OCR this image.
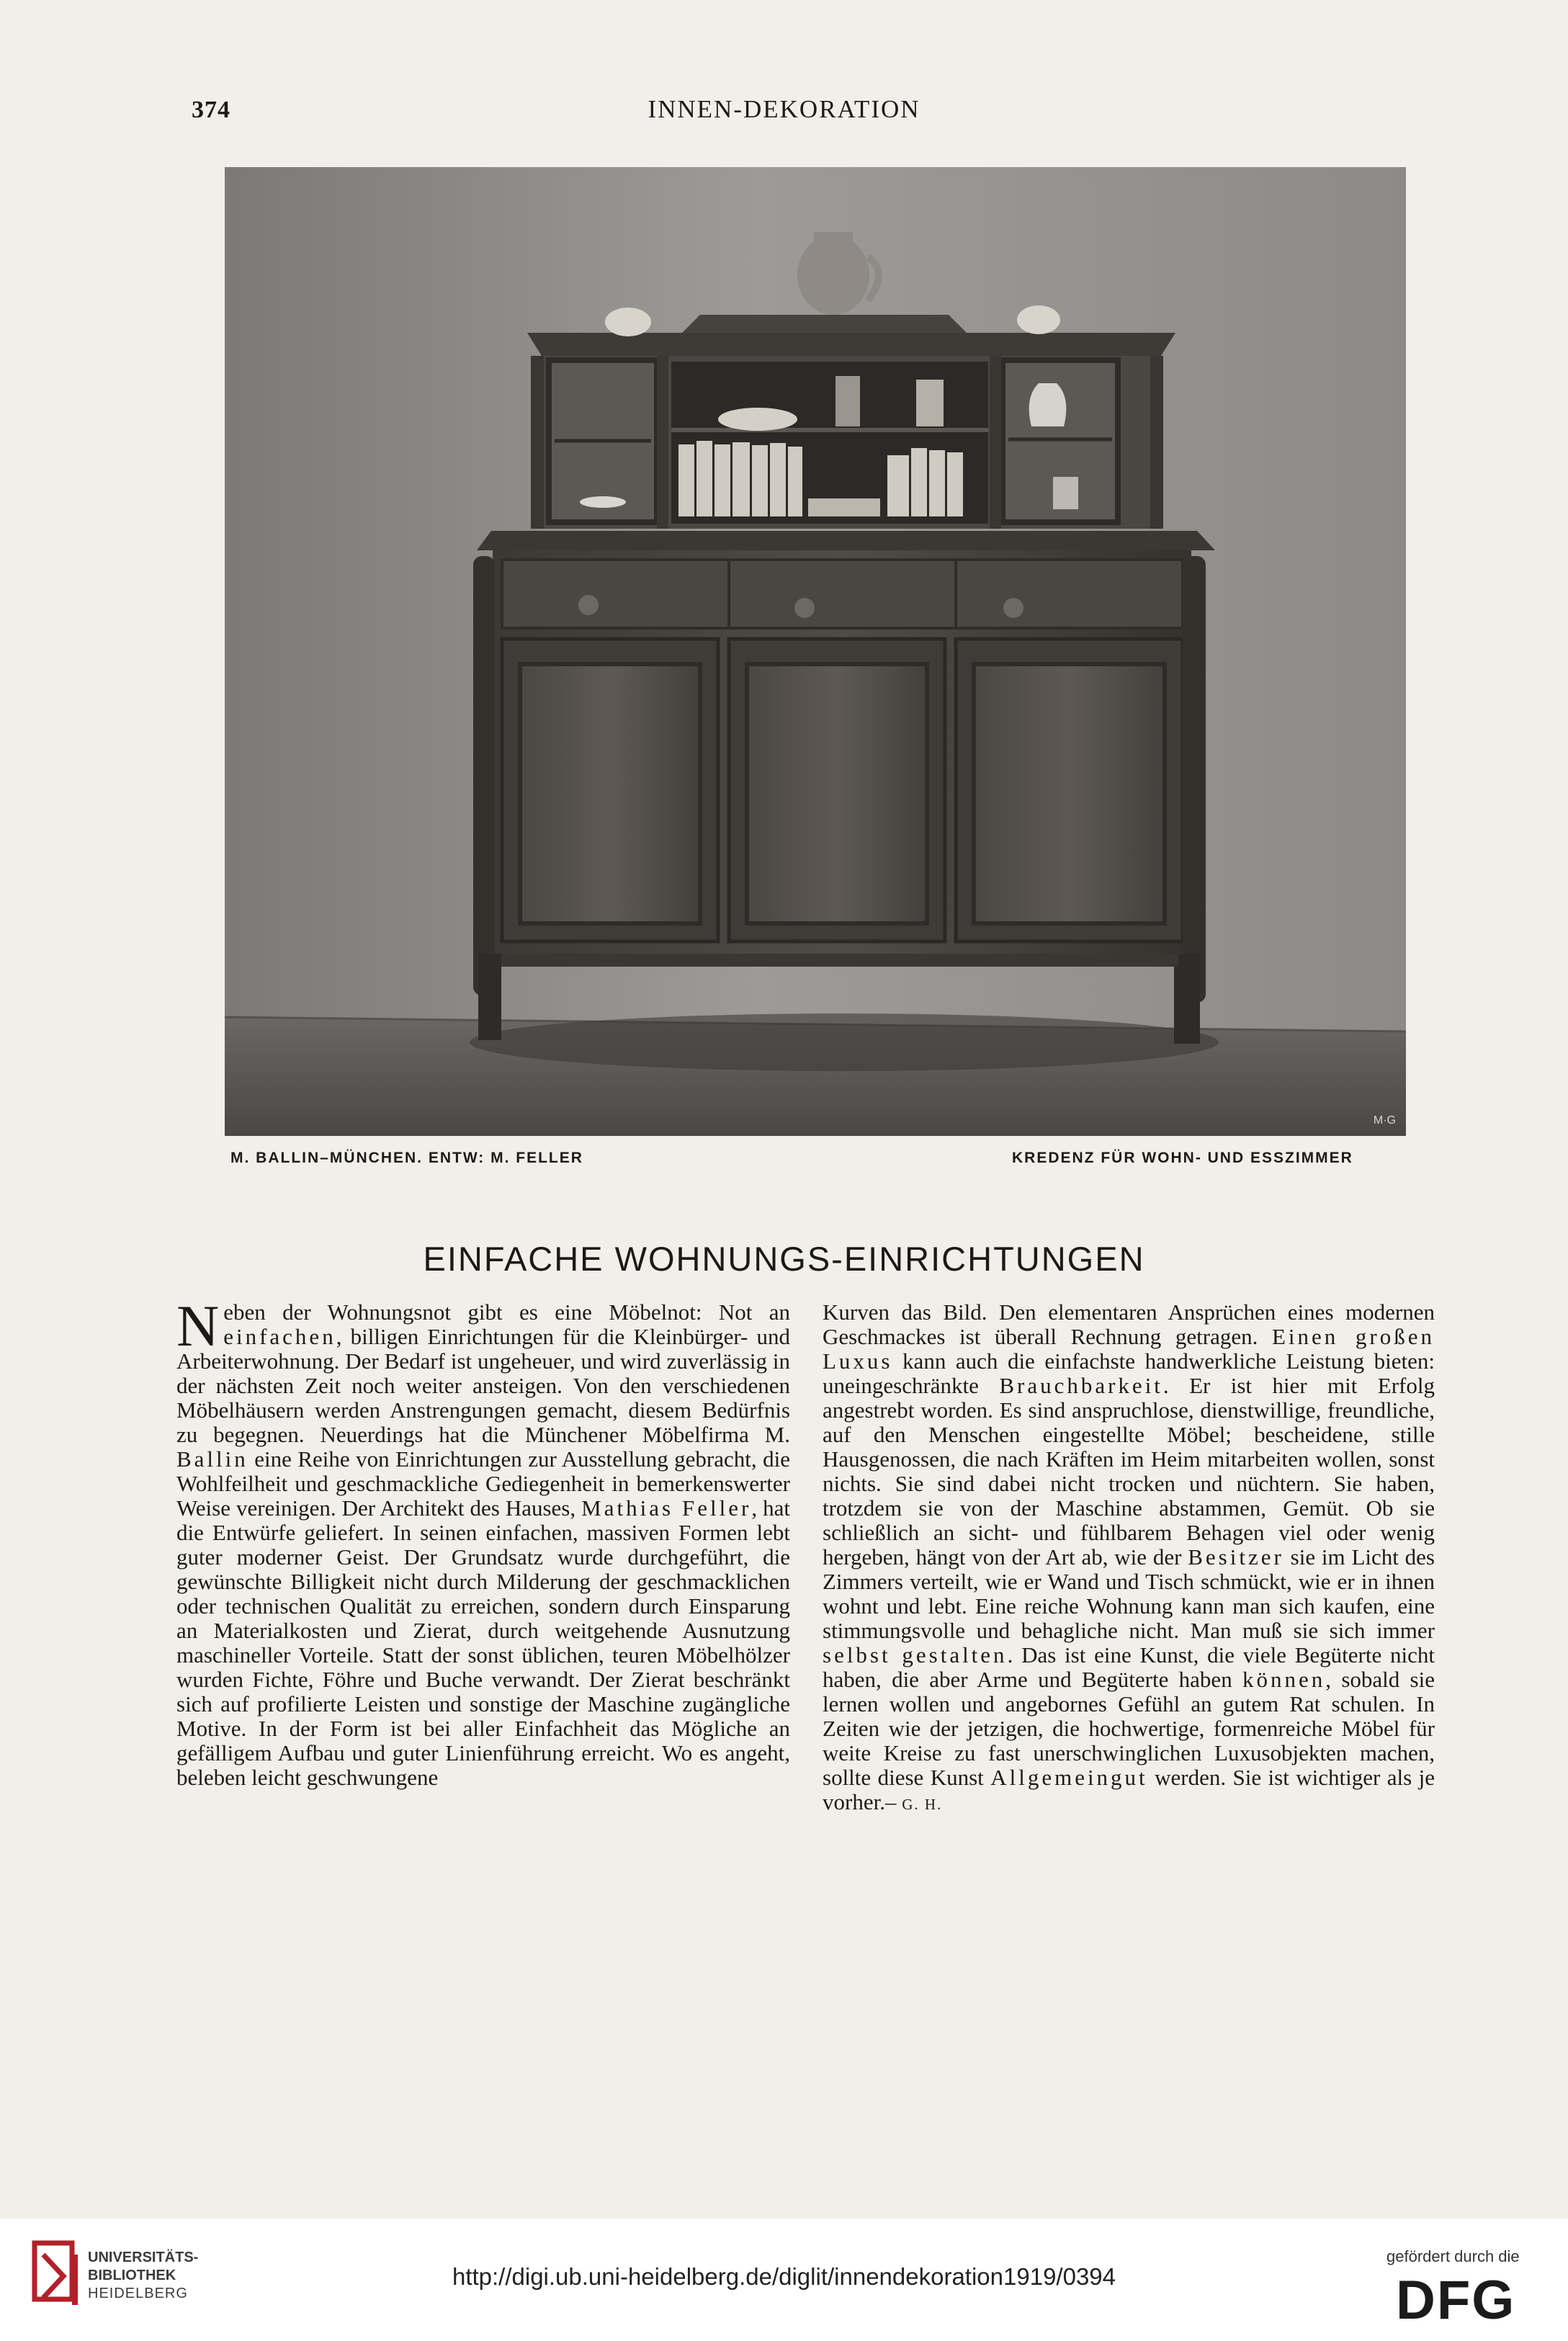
374	INNEN-DEKORATION
M·G
M. BALLIN–MÜNCHEN. ENTW: M. FELLER	KREDENZ FÜR WOHN- UND ESSZIMMER
EINFACHE WOHNUNGS-EINRICHTUNGEN

Neben der Wohnungsnot gibt es eine Möbelnot: Not an einfachen, billigen Einrichtungen für die Kleinbürger- und Arbeiterwohnung. Der Bedarf ist ungeheuer, und wird zuverlässig in der nächsten Zeit noch weiter ansteigen. Von den verschiedenen Möbelhäusern werden Anstrengungen gemacht, diesem Bedürfnis zu begegnen. Neuerdings hat die Münchener Möbelfirma M. Ballin eine Reihe von Einrichtungen zur Ausstellung gebracht, die Wohlfeilheit und geschmackliche Gediegenheit in bemerkenswerter Weise vereinigen. Der Architekt des Hauses, Mathias Feller, hat die Entwürfe geliefert. In seinen einfachen, massiven Formen lebt guter moderner Geist. Der Grundsatz wurde durchgeführt, die gewünschte Billigkeit nicht durch Milderung der geschmacklichen oder technischen Qualität zu erreichen, sondern durch Einsparung an Materialkosten und Zierat, durch weitgehende Ausnutzung maschineller Vorteile. Statt der sonst üblichen, teuren Möbelhölzer wurden Fichte, Föhre und Buche verwandt. Der Zierat beschränkt sich auf profilierte Leisten und sonstige der Maschine zugängliche Motive. In der Form ist bei aller Einfachheit das Mögliche an gefälligem Aufbau und guter Linienführung erreicht. Wo es angeht, beleben leicht geschwungene

Kurven das Bild. Den elementaren Ansprüchen eines modernen Geschmackes ist überall Rechnung getragen. Einen großen Luxus kann auch die einfachste handwerkliche Leistung bieten: uneingeschränkte Brauchbarkeit. Er ist hier mit Erfolg angestrebt worden. Es sind anspruchlose, dienstwillige, freundliche, auf den Menschen eingestellte Möbel; bescheidene, stille Hausgenossen, die nach Kräften im Heim mitarbeiten wollen, sonst nichts. Sie sind dabei nicht trocken und nüchtern. Sie haben, trotzdem sie von der Maschine abstammen, Gemüt. Ob sie schließlich an sicht- und fühlbarem Behagen viel oder wenig hergeben, hängt von der Art ab, wie der Besitzer sie im Licht des Zimmers verteilt, wie er Wand und Tisch schmückt, wie er in ihnen wohnt und lebt. Eine reiche Wohnung kann man sich kaufen, eine stimmungsvolle und behagliche nicht. Man muß sie sich immer selbst gestalten. Das ist eine Kunst, die viele Begüterte nicht haben, die aber Arme und Begüterte haben können, sobald sie lernen wollen und angebornes Gefühl an gutem Rat schulen. In Zeiten wie der jetzigen, die hochwertige, formenreiche Möbel für weite Kreise zu fast unerschwinglichen Luxusobjekten machen, sollte diese Kunst Allgemeingut werden. Sie ist wichtiger als je vorher.– G. H.

UNIVERSITÄTS-
BIBLIOTHEK
HEIDELBERG
http://digi.ub.uni-heidelberg.de/diglit/innendekoration1919/0394
gefördert durch die
DFG
